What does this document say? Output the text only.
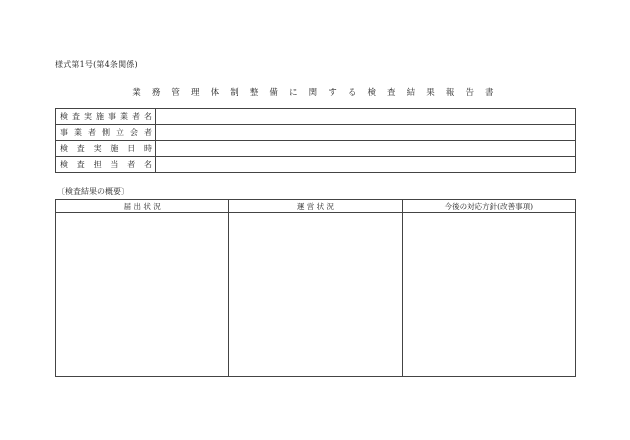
様式第1号(第4条関係)
業 務 管 理 体 制 整 備 に 関 す る 検 査 結 果 報 告 書
検査実施事業者名	

事業者側立会者	

検査実施日時	

検査担当者名	

〔検査結果の概要〕
届 出 状 況	運 営 状 況	今後の対応方針(改善事項)
